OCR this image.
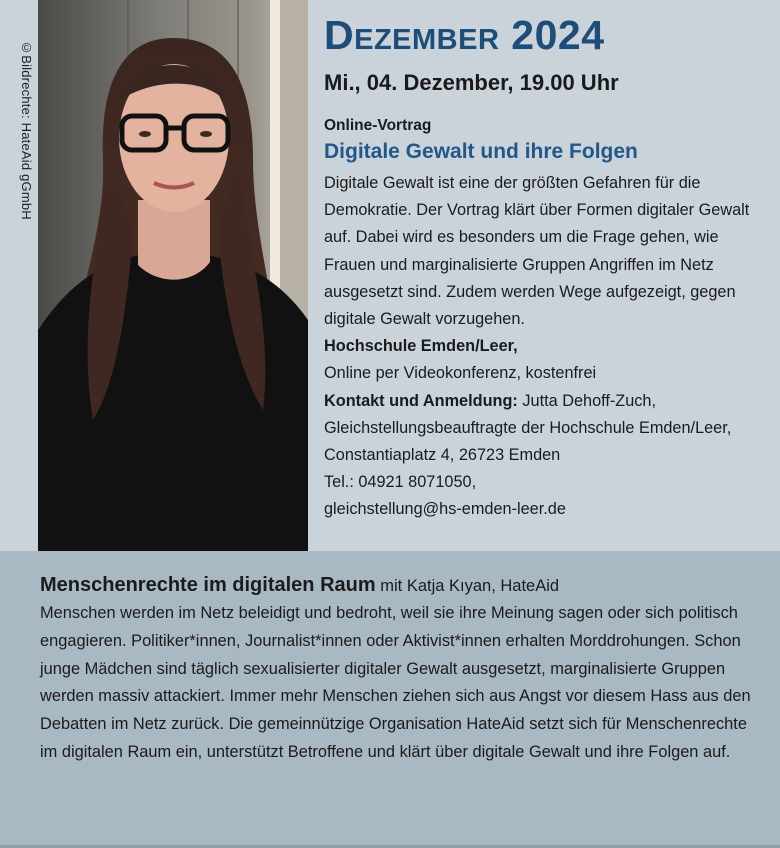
©Bildrechte: HateAid gGmbH
Dezember 2024
Mi., 04. Dezember, 19.00 Uhr
Online-Vortrag
Digitale Gewalt und ihre Folgen

Digitale Gewalt ist eine der größten Gefahren für die Demokratie. Der Vortrag klärt über Formen digitaler Gewalt auf. Dabei wird es besonders um die Frage gehen, wie Frauen und marginalisierte Gruppen Angriffen im Netz ausgesetzt sind. Zudem werden Wege aufgezeigt, gegen digitale Gewalt vorzugehen.

Hochschule Emden/Leer,

Online per Videokonferenz, kostenfrei

Kontakt und Anmeldung: Jutta Dehoff-Zuch, Gleichstellungsbeauftragte der Hochschule Emden/Leer, Constantiaplatz 4, 26723 Emden

Tel.: 04921 8071050,

gleichstellung@hs-emden-leer.de

Menschenrechte im digitalen Raum mit Katja Kıyan, HateAid

Menschen werden im Netz beleidigt und bedroht, weil sie ihre Meinung sagen oder sich politisch engagieren. Politiker*innen, Journalist*innen oder Aktivist*innen erhalten Morddrohungen. Schon junge Mädchen sind täglich sexualisierter digitaler Gewalt ausgesetzt, marginalisierte Gruppen werden massiv attackiert. Immer mehr Menschen ziehen sich aus Angst vor diesem Hass aus den Debatten im Netz zurück. Die gemeinnützige Organisation HateAid setzt sich für Menschenrechte im digitalen Raum ein, unterstützt Betroffene und klärt über digitale Gewalt und ihre Folgen auf.
